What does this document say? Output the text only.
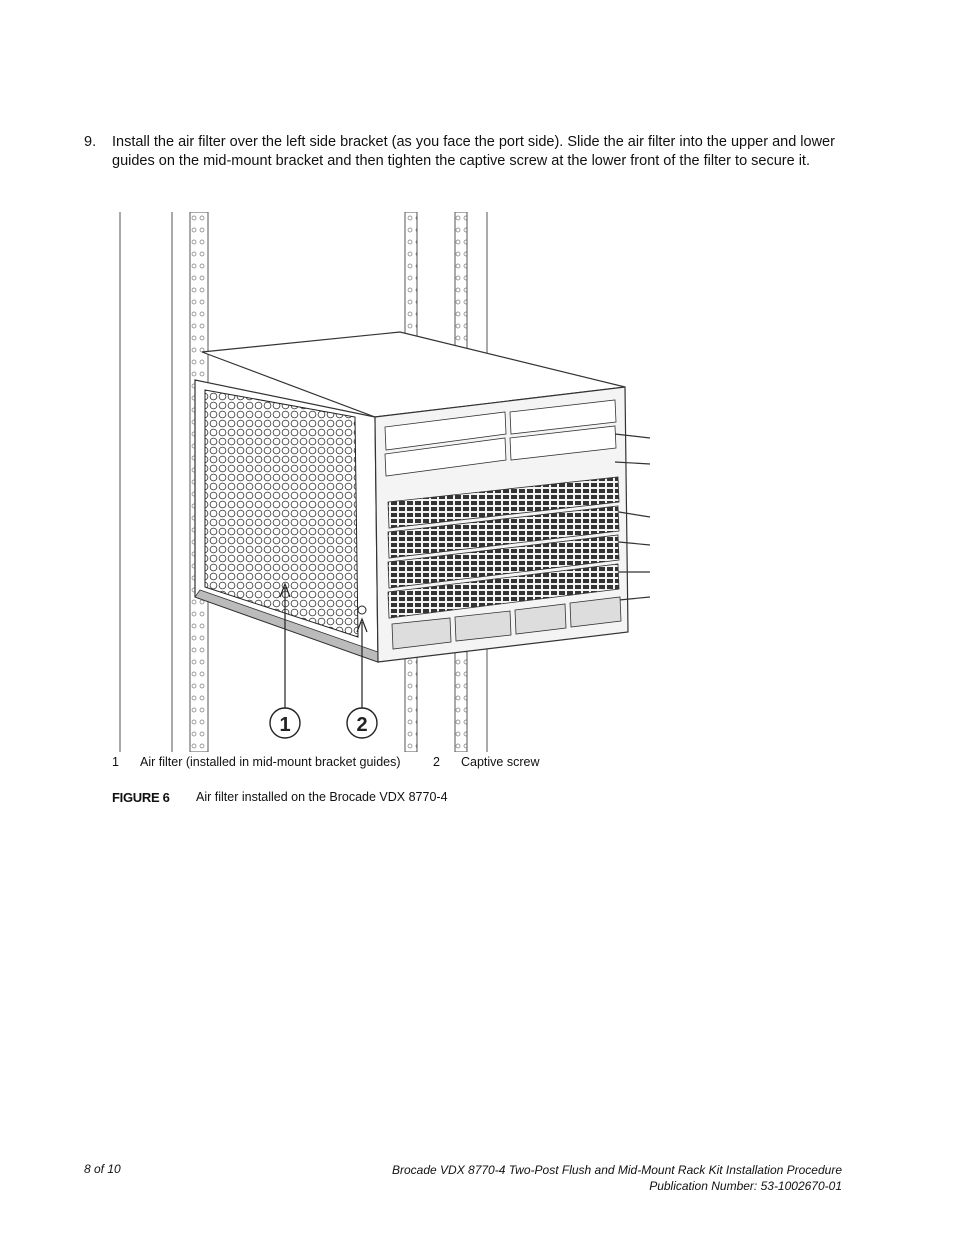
9. Install the air filter over the left side bracket (as you face the port side). Slide the air filter into the upper and lower guides on the mid-mount bracket and then tighten the captive screw at the lower front of the filter to secure it.
1	2
1 Air filter (installed in mid-mount bracket guides)	2 Captive screw
FIGURE 6 Air filter installed on the Brocade VDX 8770-4
8 of 10	Brocade VDX 8770-4 Two-Post Flush and Mid-Mount Rack Kit Installation Procedure
Publication Number: 53-1002670-01
